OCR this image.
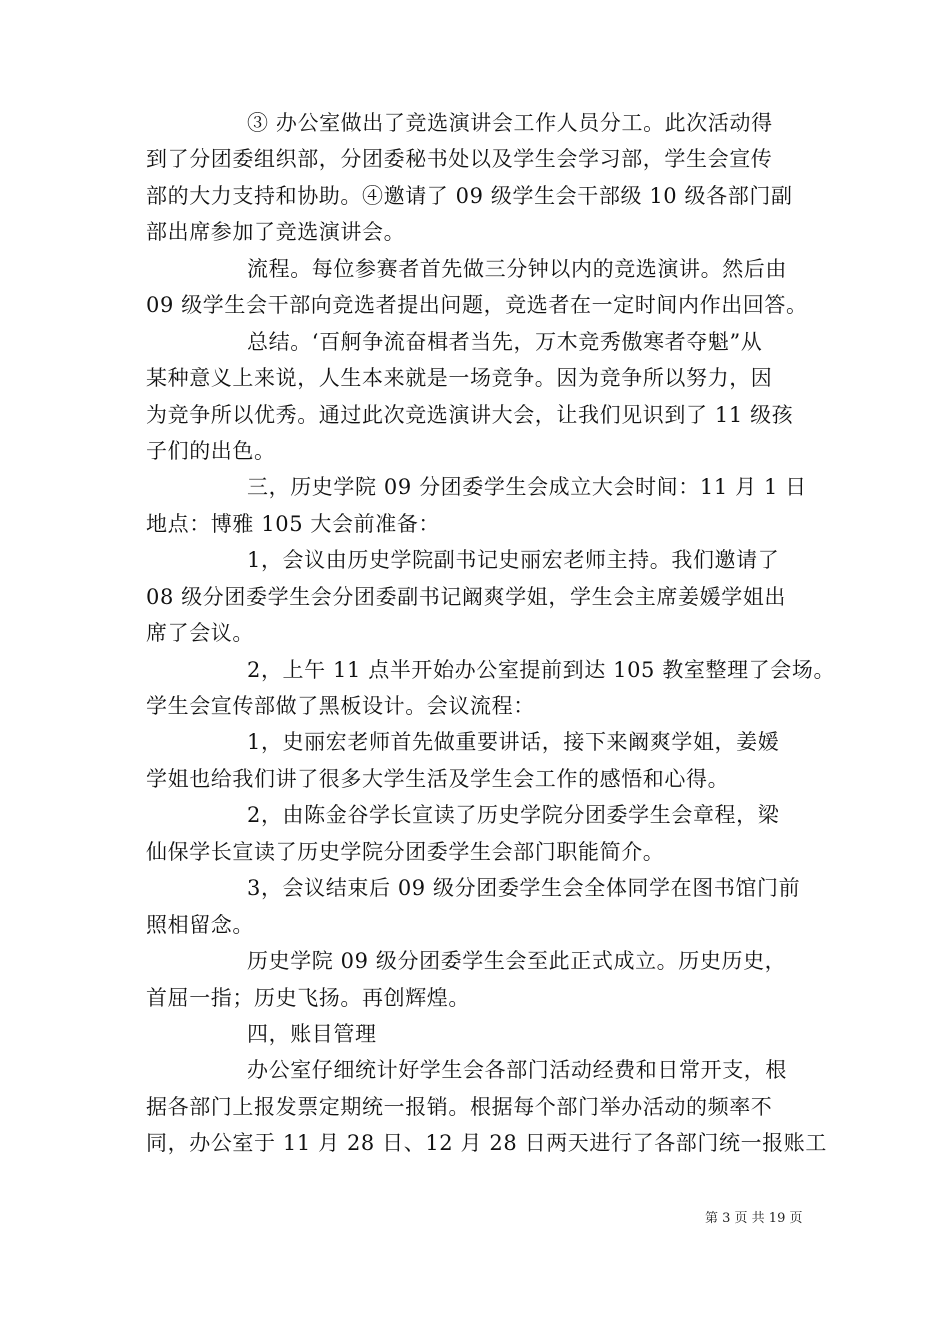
③ 办公室做出了竞选演讲会工作人员分工。此次活动得
到了分团委组织部，分团委秘书处以及学生会学习部，学生会宣传
部的大力支持和协助。④邀请了 09 级学生会干部级 10 级各部门副
部出席参加了竞选演讲会。
流程。每位参赛者首先做三分钟以内的竞选演讲。然后由
09 级学生会干部向竞选者提出问题，竞选者在一定时间内作出回答。
总结。‘百舸争流奋楫者当先，万木竞秀傲寒者夺魁”从
某种意义上来说，人生本来就是一场竞争。因为竞争所以努力，因
为竞争所以优秀。通过此次竞选演讲大会，让我们见识到了 11 级孩
子们的出色。
三，历史学院 09 分团委学生会成立大会时间：11 月 1 日
地点：博雅 105 大会前准备：
1，会议由历史学院副书记史丽宏老师主持。我们邀请了
08 级分团委学生会分团委副书记阚爽学姐，学生会主席姜媛学姐出
席了会议。
2，上午 11 点半开始办公室提前到达 105 教室整理了会场。
学生会宣传部做了黑板设计。会议流程：
1，史丽宏老师首先做重要讲话，接下来阚爽学姐，姜媛
学姐也给我们讲了很多大学生活及学生会工作的感悟和心得。
2，由陈金谷学长宣读了历史学院分团委学生会章程，梁
仙保学长宣读了历史学院分团委学生会部门职能简介。
3，会议结束后 09 级分团委学生会全体同学在图书馆门前
照相留念。
历史学院 09 级分团委学生会至此正式成立。历史历史，
首屈一指；历史飞扬。再创辉煌。
四，账目管理
办公室仔细统计好学生会各部门活动经费和日常开支，根
据各部门上报发票定期统一报销。根据每个部门举办活动的频率不
同，办公室于 11 月 28 日、12 月 28 日两天进行了各部门统一报账工
第 3 页 共 19 页
